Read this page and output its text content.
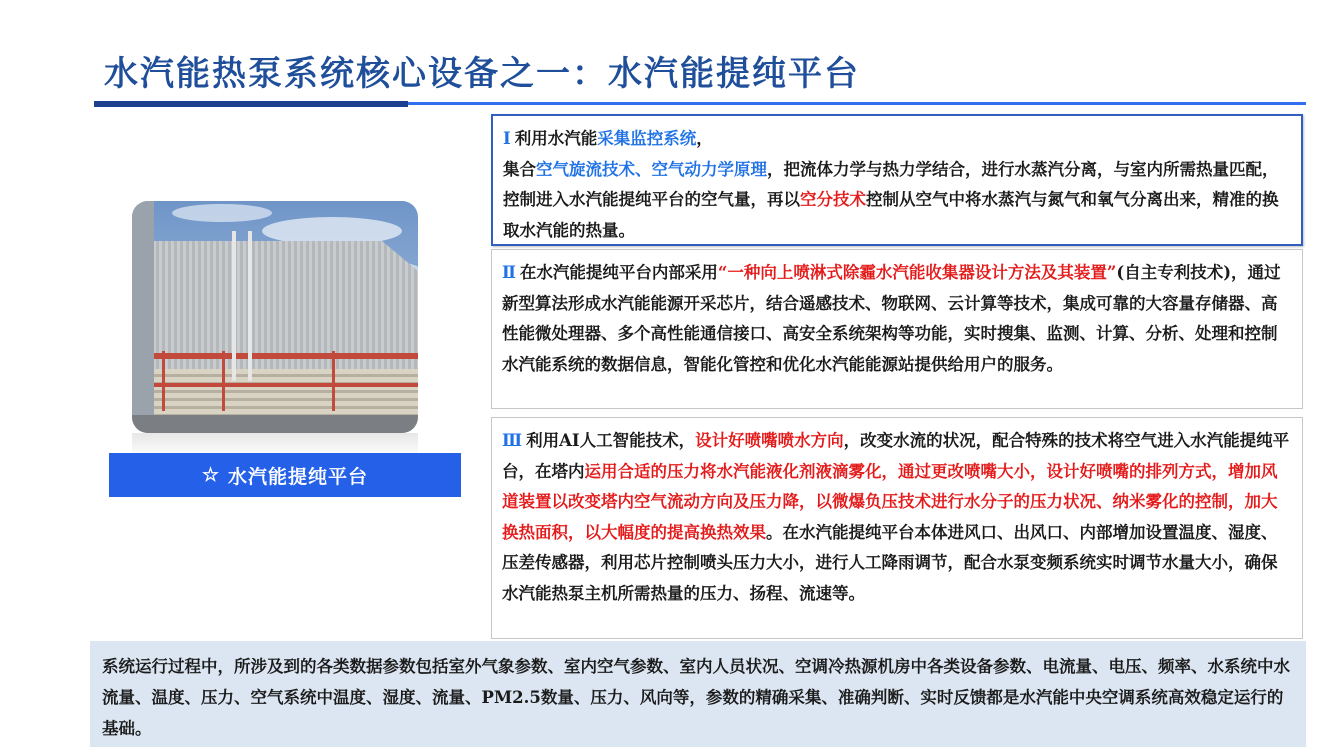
水汽能热泵系统核心设备之一：水汽能提纯平台
☆ 水汽能提纯平台
Ⅰ 利用水汽能采集监控系统，
集合空气旋流技术、空气动力学原理，把流体力学与热力学结合，进行水蒸汽分离，与室内所需热量匹配，控制进入水汽能提纯平台的空气量，再以空分技术控制从空气中将水蒸汽与氮气和氧气分离出来，精准的换取水汽能的热量。
Ⅱ 在水汽能提纯平台内部采用“一种向上喷淋式除霾水汽能收集器设计方法及其装置”(自主专利技术)，通过新型算法形成水汽能能源开采芯片，结合遥感技术、物联网、云计算等技术，集成可靠的大容量存储器、高性能微处理器、多个高性能通信接口、高安全系统架构等功能，实时搜集、监测、计算、分析、处理和控制水汽能系统的数据信息，智能化管控和优化水汽能能源站提供给用户的服务。
Ⅲ 利用AI人工智能技术，设计好喷嘴喷水方向，改变水流的状况，配合特殊的技术将空气进入水汽能提纯平台，在塔内运用合适的压力将水汽能液化剂液滴雾化，通过更改喷嘴大小，设计好喷嘴的排列方式，增加风道装置以改变塔内空气流动方向及压力降，以微爆负压技术进行水分子的压力状况、纳米雾化的控制，加大换热面积，以大幅度的提高换热效果。在水汽能提纯平台本体进风口、出风口、内部增加设置温度、湿度、压差传感器，利用芯片控制喷头压力大小，进行人工降雨调节，配合水泵变频系统实时调节水量大小，确保水汽能热泵主机所需热量的压力、扬程、流速等。
系统运行过程中，所涉及到的各类数据参数包括室外气象参数、室内空气参数、室内人员状况、空调冷热源机房中各类设备参数、电流量、电压、频率、水系统中水流量、温度、压力、空气系统中温度、湿度、流量、PM2.5数量、压力、风向等，参数的精确采集、准确判断、实时反馈都是水汽能中央空调系统高效稳定运行的基础。
